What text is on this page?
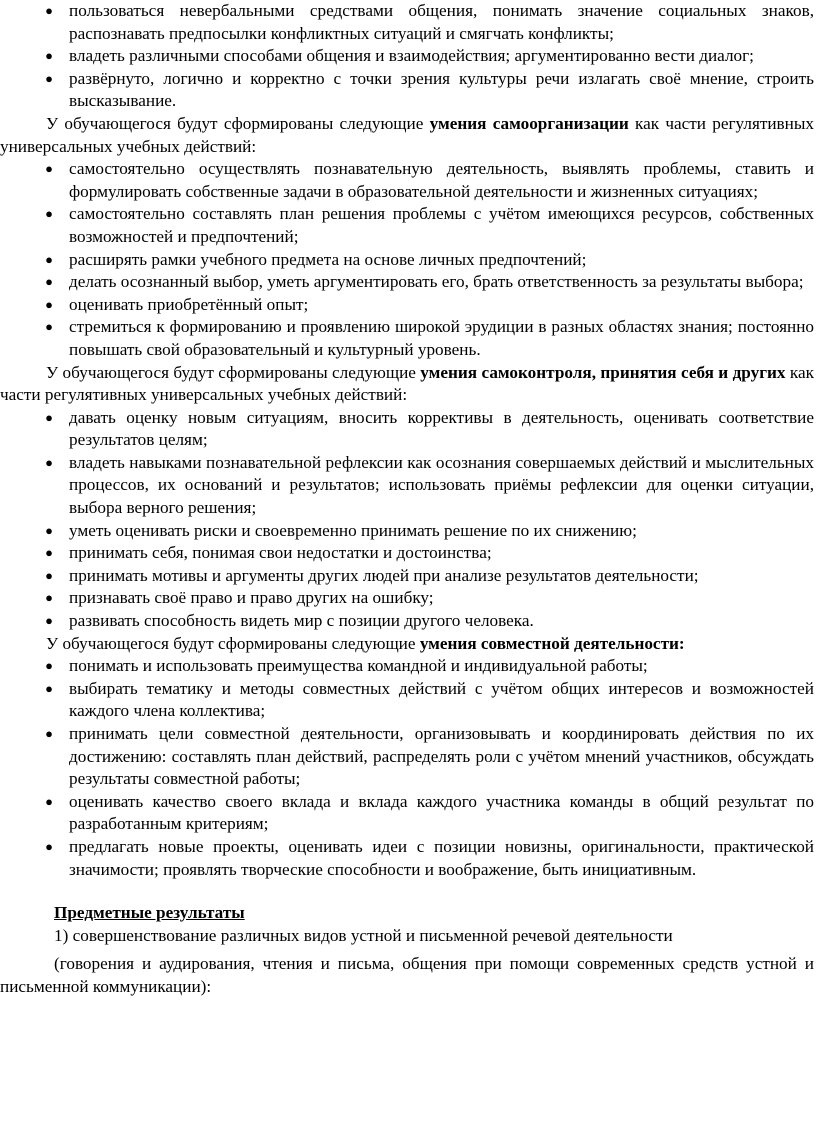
● пользоваться невербальными средствами общения, понимать значение социальных знаков, распознавать предпосылки конфликтных ситуаций и смягчать конфликты;
● владеть различными способами общения и взаимодействия; аргументированно вести диалог;
● развёрнуто, логично и корректно с точки зрения культуры речи излагать своё мнение, строить высказывание.
У обучающегося будут сформированы следующие умения самоорганизации как части регулятивных универсальных учебных действий:
● самостоятельно осуществлять познавательную деятельность, выявлять проблемы, ставить и формулировать собственные задачи в образовательной деятельности и жизненных ситуациях;
● самостоятельно составлять план решения проблемы с учётом имеющихся ресурсов, собственных возможностей и предпочтений;
● расширять рамки учебного предмета на основе личных предпочтений;
● делать осознанный выбор, уметь аргументировать его, брать ответственность за результаты выбора;
● оценивать приобретённый опыт;
● стремиться к формированию и проявлению широкой эрудиции в разных областях знания; постоянно повышать свой образовательный и культурный уровень.
У обучающегося будут сформированы следующие умения самоконтроля, принятия себя и других как части регулятивных универсальных учебных действий:
● давать оценку новым ситуациям, вносить коррективы в деятельность, оценивать соответствие результатов целям;
● владеть навыками познавательной рефлексии как осознания совершаемых действий и мыслительных процессов, их оснований и результатов; использовать приёмы рефлексии для оценки ситуации, выбора верного решения;
● уметь оценивать риски и своевременно принимать решение по их снижению;
● принимать себя, понимая свои недостатки и достоинства;
● принимать мотивы и аргументы других людей при анализе результатов деятельности;
● признавать своё право и право других на ошибку;
● развивать способность видеть мир с позиции другого человека.
У обучающегося будут сформированы следующие умения совместной деятельности:
● понимать и использовать преимущества командной и индивидуальной работы;
● выбирать тематику и методы совместных действий с учётом общих интересов и возможностей каждого члена коллектива;
● принимать цели совместной деятельности, организовывать и координировать действия по их достижению: составлять план действий, распределять роли с учётом мнений участников, обсуждать результаты совместной работы;
● оценивать качество своего вклада и вклада каждого участника команды в общий результат по разработанным критериям;
● предлагать новые проекты, оценивать идеи с позиции новизны, оригинальности, практической значимости; проявлять творческие способности и воображение, быть инициативным.
Предметные результаты
1) совершенствование различных видов устной и письменной речевой деятельности
(говорения и аудирования, чтения и письма, общения при помощи современных средств устной и письменной коммуникации):
